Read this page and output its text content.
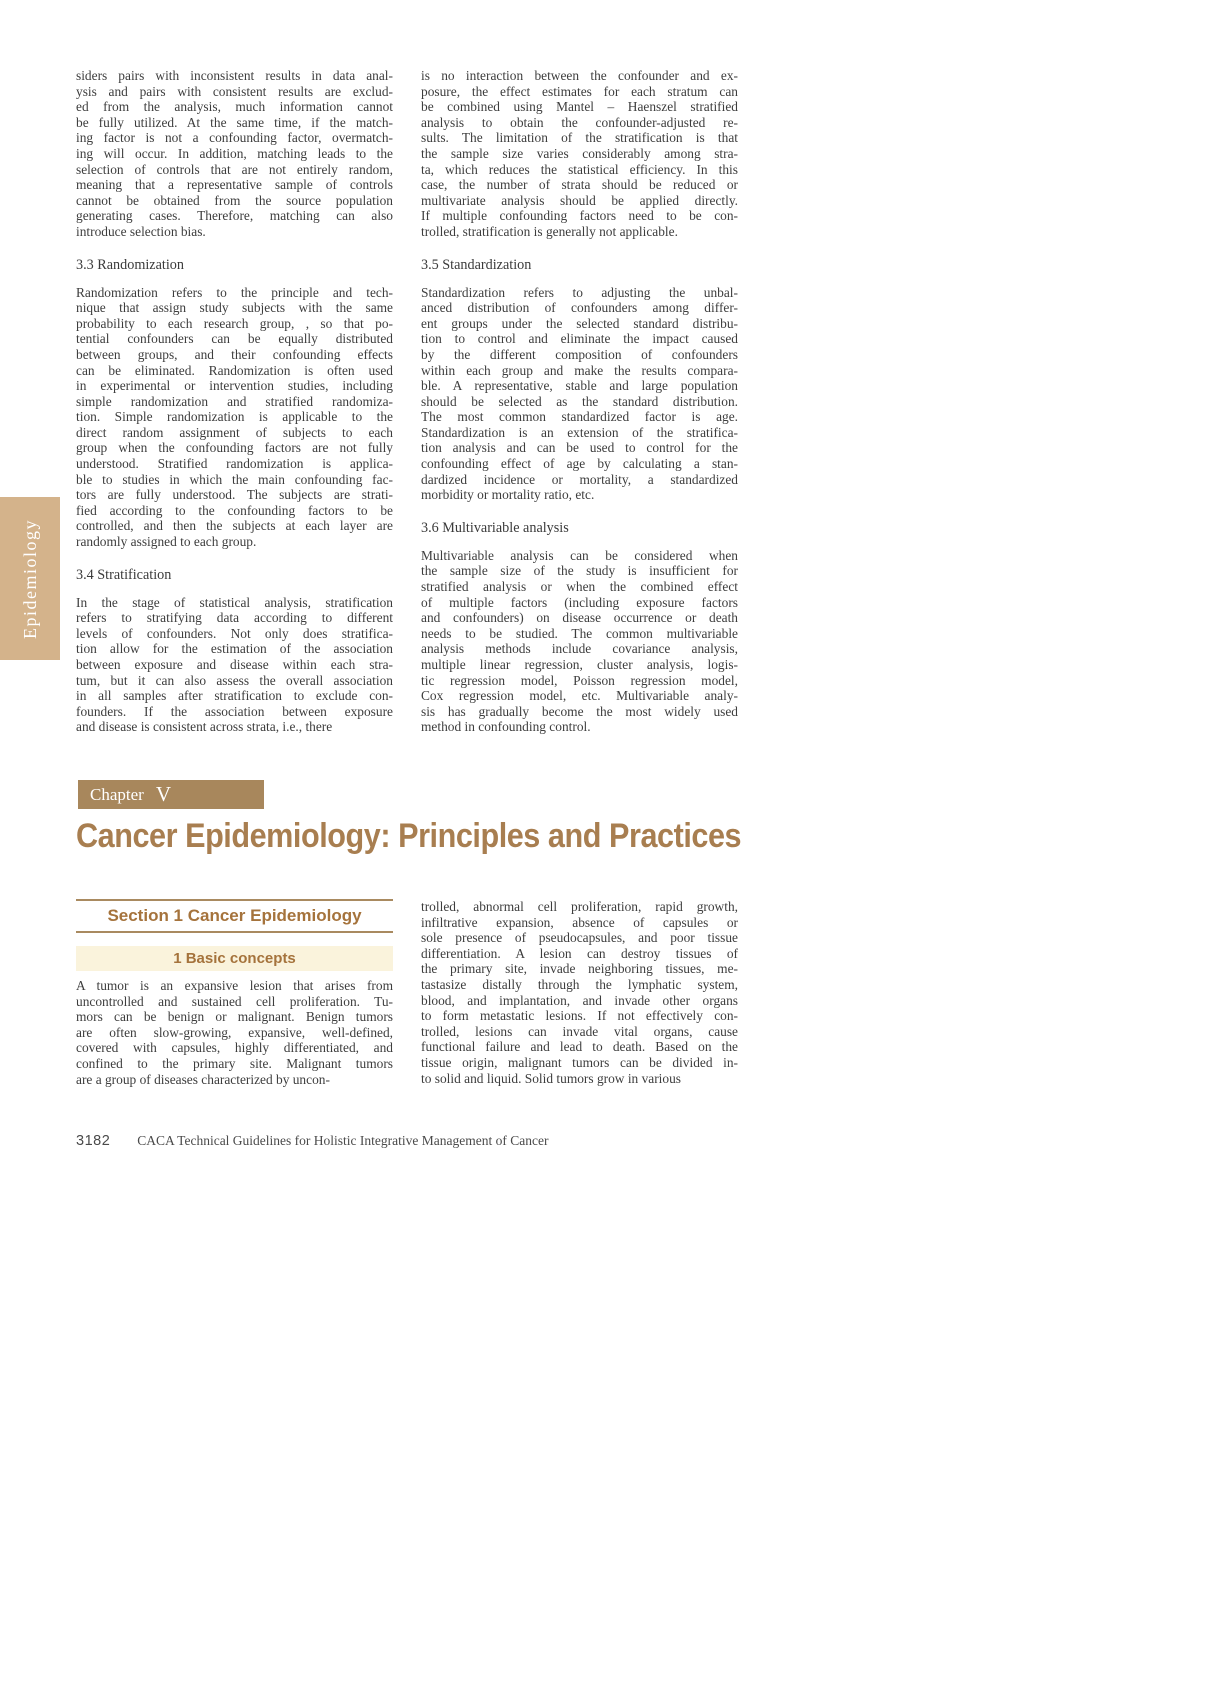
Epidemiology
siders pairs with inconsistent results in data anal-
ysis and pairs with consistent results are exclud-
ed from the analysis, much information cannot
be fully utilized. At the same time, if the match-
ing factor is not a confounding factor, overmatch-
ing will occur. In addition, matching leads to the
selection of controls that are not entirely random,
meaning that a representative sample of controls
cannot be obtained from the source population
generating cases. Therefore, matching can also
introduce selection bias.
3.3 Randomization
Randomization refers to the principle and tech-
nique that assign study subjects with the same
probability to each research group, , so that po-
tential confounders can be equally distributed
between groups, and their confounding effects
can be eliminated. Randomization is often used
in experimental or intervention studies, including
simple randomization and stratified randomiza-
tion. Simple randomization is applicable to the
direct random assignment of subjects to each
group when the confounding factors are not fully
understood. Stratified randomization is applica-
ble to studies in which the main confounding fac-
tors are fully understood. The subjects are strati-
fied according to the confounding factors to be
controlled, and then the subjects at each layer are
randomly assigned to each group.
3.4 Stratification
In the stage of statistical analysis, stratification
refers to stratifying data according to different
levels of confounders. Not only does stratifica-
tion allow for the estimation of the association
between exposure and disease within each stra-
tum, but it can also assess the overall association
in all samples after stratification to exclude con-
founders. If the association between exposure
and disease is consistent across strata, i.e., there
is no interaction between the confounder and ex-
posure, the effect estimates for each stratum can
be combined using Mantel – Haenszel stratified
analysis to obtain the confounder-adjusted re-
sults. The limitation of the stratification is that
the sample size varies considerably among stra-
ta, which reduces the statistical efficiency. In this
case, the number of strata should be reduced or
multivariate analysis should be applied directly.
If multiple confounding factors need to be con-
trolled, stratification is generally not applicable.
3.5 Standardization
Standardization refers to adjusting the unbal-
anced distribution of confounders among differ-
ent groups under the selected standard distribu-
tion to control and eliminate the impact caused
by the different composition of confounders
within each group and make the results compara-
ble. A representative, stable and large population
should be selected as the standard distribution.
The most common standardized factor is age.
Standardization is an extension of the stratifica-
tion analysis and can be used to control for the
confounding effect of age by calculating a stan-
dardized incidence or mortality, a standardized
morbidity or mortality ratio, etc.
3.6 Multivariable analysis
Multivariable analysis can be considered when
the sample size of the study is insufficient for
stratified analysis or when the combined effect
of multiple factors (including exposure factors
and confounders) on disease occurrence or death
needs to be studied. The common multivariable
analysis methods include covariance analysis,
multiple linear regression, cluster analysis, logis-
tic regression model, Poisson regression model,
Cox regression model, etc. Multivariable analy-
sis has gradually become the most widely used
method in confounding control.
Chapter V
Cancer Epidemiology: Principles and Practices
Section 1 Cancer Epidemiology
1 Basic concepts
A tumor is an expansive lesion that arises from
uncontrolled and sustained cell proliferation. Tu-
mors can be benign or malignant. Benign tumors
are often slow-growing, expansive, well-defined,
covered with capsules, highly differentiated, and
confined to the primary site. Malignant tumors
are a group of diseases characterized by uncon-
trolled, abnormal cell proliferation, rapid growth,
infiltrative expansion, absence of capsules or
sole presence of pseudocapsules, and poor tissue
differentiation. A lesion can destroy tissues of
the primary site, invade neighboring tissues, me-
tastasize distally through the lymphatic system,
blood, and implantation, and invade other organs
to form metastatic lesions. If not effectively con-
trolled, lesions can invade vital organs, cause
functional failure and lead to death. Based on the
tissue origin, malignant tumors can be divided in-
to solid and liquid. Solid tumors grow in various
3182 CACA Technical Guidelines for Holistic Integrative Management of Cancer
